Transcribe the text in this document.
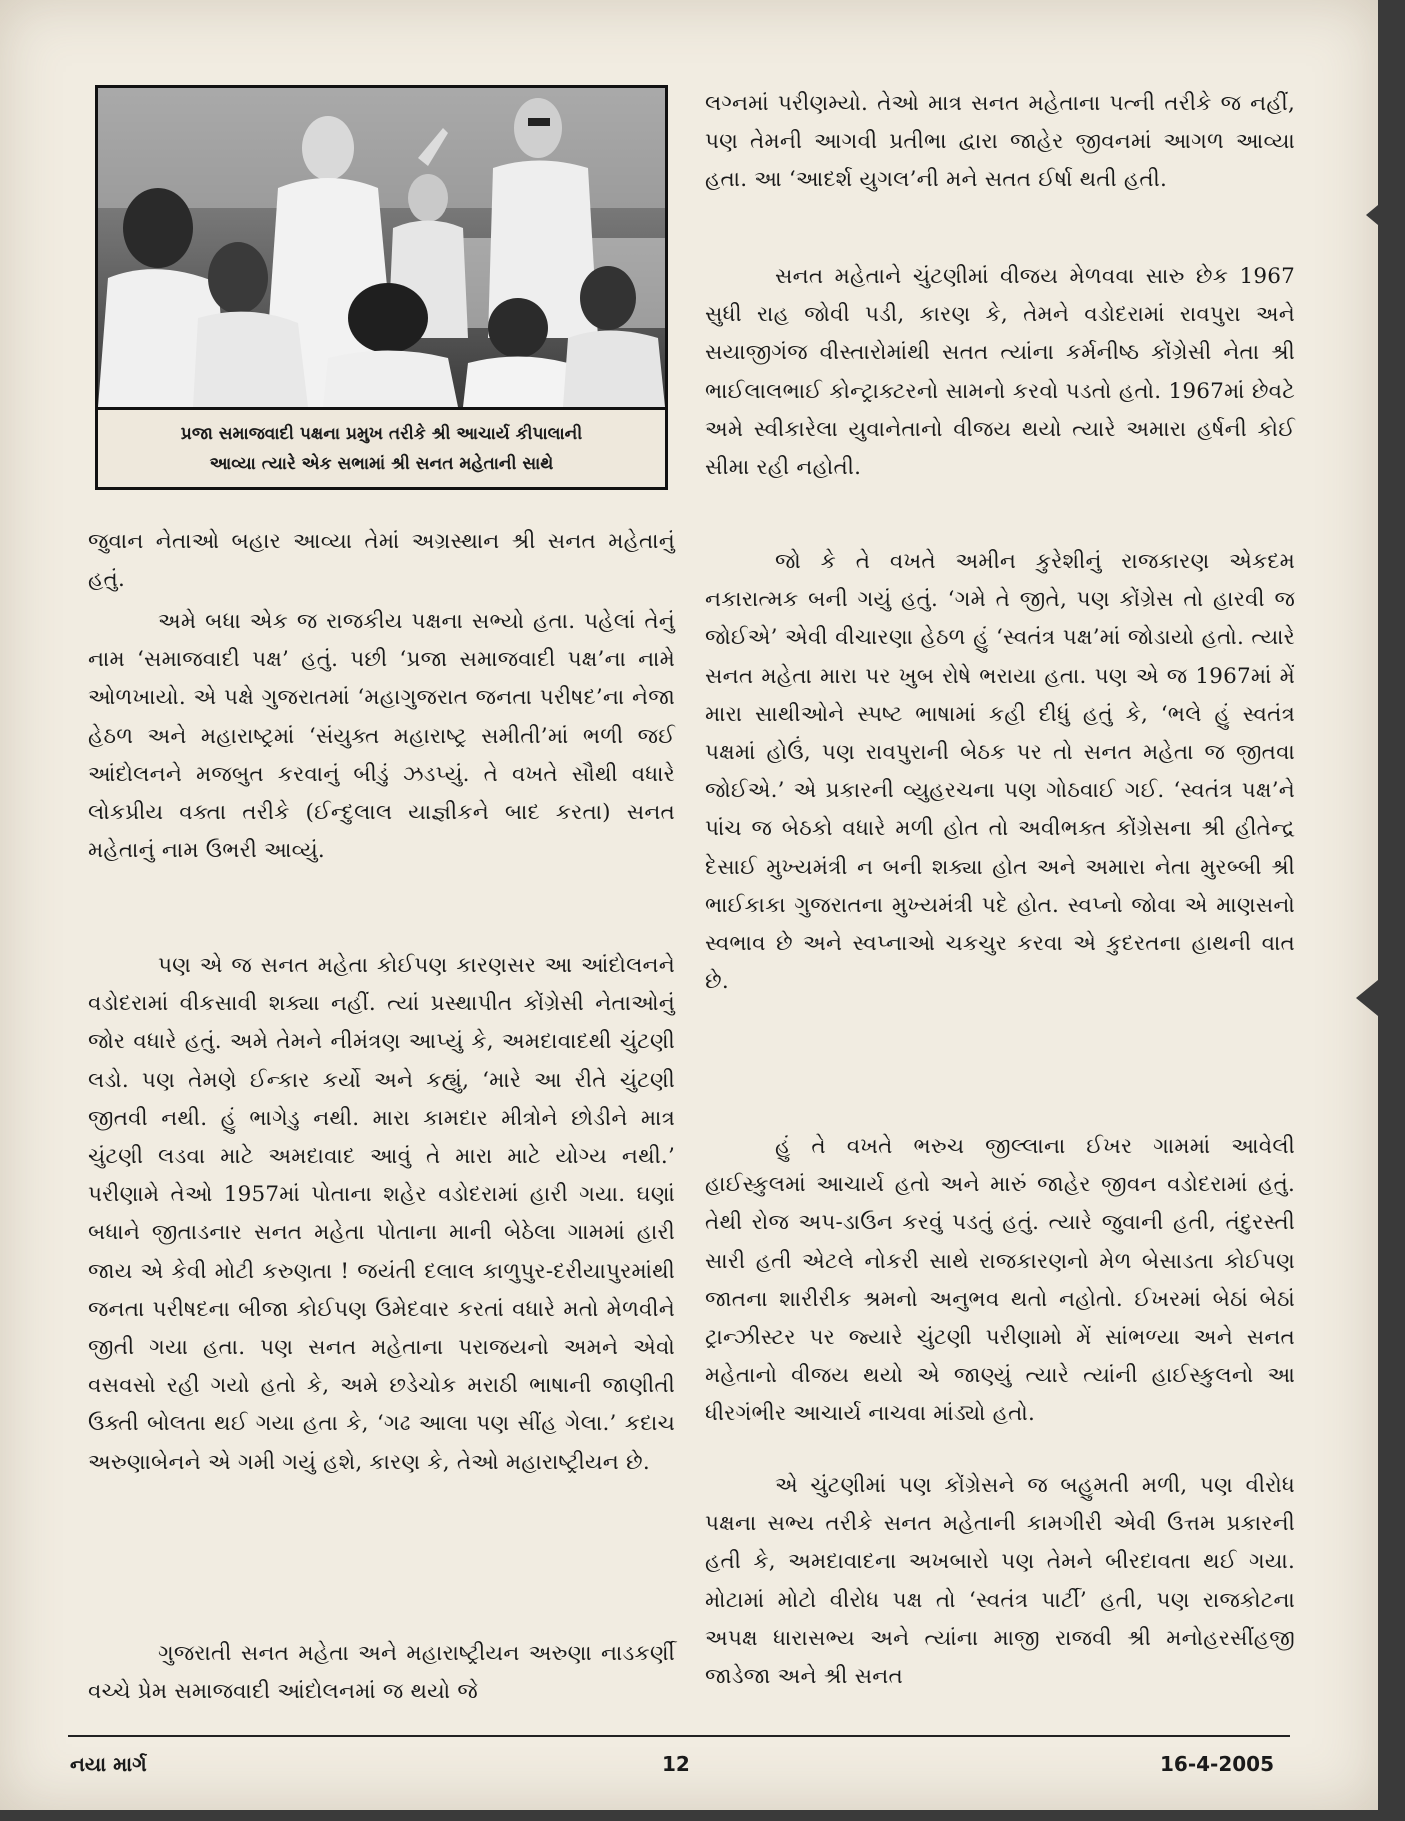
પ્રજા સમાજવાદી પક્ષના પ્રમુખ તરીકે શ્રી આચાર્ય કીપાલાની
આવ્યા ત્યારે એક સભામાં શ્રી સનત મહેતાની સાથે

જુવાન નેતાઓ બહાર આવ્યા તેમાં અગ્રસ્થાન શ્રી સનત મહેતાનું હતું.

અમે બધા એક જ રાજકીય પક્ષના સભ્યો હતા. પહેલાં તેનું નામ ‘સમાજવાદી પક્ષ’ હતું. પછી ‘પ્રજા સમાજવાદી પક્ષ’ના નામે ઓળખાયો. એ પક્ષે ગુજરાતમાં ‘મહાગુજરાત જનતા પરીષદ’ના નેજા હેઠળ અને મહારાષ્ટ્રમાં ‘સંયુક્ત મહારાષ્ટ્ર સમીતી’માં ભળી જઈ આંદોલનને મજબુત કરવાનું બીડું ઝડપ્યું. તે વખતે સૌથી વધારે લોકપ્રીય વક્તા તરીકે (ઈન્દુલાલ યાજ્ઞીકને બાદ કરતા) સનત મહેતાનું નામ ઉભરી આવ્યું.

પણ એ જ સનત મહેતા કોઈપણ કારણસર આ આંદોલનને વડોદરામાં વીકસાવી શક્યા નહીં. ત્યાં પ્રસ્થાપીત કોંગ્રેસી નેતાઓનું જોર વધારે હતું. અમે તેમને નીમંત્રણ આપ્યું કે, અમદાવાદથી ચુંટણી લડો. પણ તેમણે ઈન્કાર કર્યો અને કહ્યું, ‘મારે આ રીતે ચુંટણી જીતવી નથી. હું ભાગેડુ નથી. મારા કામદાર મીત્રોને છોડીને માત્ર ચુંટણી લડવા માટે અમદાવાદ આવું તે મારા માટે યોગ્ય નથી.’ પરીણામે તેઓ 1957માં પોતાના શહેર વડોદરામાં હારી ગયા. ઘણાં બધાને જીતાડનાર સનત મહેતા પોતાના માની બેઠેલા ગામમાં હારી જાય એ કેવી મોટી કરુણતા ! જયંતી દલાલ કાળુપુર-દરીયાપુરમાંથી જનતા પરીષદના બીજા કોઈપણ ઉમેદવાર કરતાં વધારે મતો મેળવીને જીતી ગયા હતા. પણ સનત મહેતાના પરાજયનો અમને એવો વસવસો રહી ગયો હતો કે, અમે છડેચોક મરાઠી ભાષાની જાણીતી ઉક્તી બોલતા થઈ ગયા હતા કે, ‘ગઢ આલા પણ સીંહ ગેલા.’ કદાચ અરુણાબેનને એ ગમી ગયું હશે, કારણ કે, તેઓ મહારાષ્ટ્રીયન છે.

ગુજરાતી સનત મહેતા અને મહારાષ્ટ્રીયન અરુણા નાડકર્ણી વચ્ચે પ્રેમ સમાજવાદી આંદોલનમાં જ થયો જે

લગ્નમાં પરીણમ્યો. તેઓ માત્ર સનત મહેતાના પત્ની તરીકે જ નહીં, પણ તેમની આગવી પ્રતીભા દ્વારા જાહેર જીવનમાં આગળ આવ્યા હતા. આ ‘આદર્શ યુગલ’ની મને સતત ઈર્ષા થતી હતી.

સનત મહેતાને ચુંટણીમાં વીજય મેળવવા સારુ છેક 1967 સુધી રાહ જોવી પડી, કારણ કે, તેમને વડોદરામાં રાવપુરા અને સયાજીગંજ વીસ્તારોમાંથી સતત ત્યાંના કર્મનીષ્ઠ કોંગ્રેસી નેતા શ્રી ભાઈલાલભાઈ કોન્ટ્રાક્ટરનો સામનો કરવો પડતો હતો. 1967માં છેવટે અમે સ્વીકારેલા યુવાનેતાનો વીજય થયો ત્યારે અમારા હર્ષની કોઈ સીમા રહી નહોતી.

જો કે તે વખતે અમીન કુરેશીનું રાજકારણ એકદમ નકારાત્મક બની ગયું હતું. ‘ગમે તે જીતે, પણ કોંગ્રેસ તો હારવી જ જોઈએ’ એવી વીચારણા હેઠળ હું ‘સ્વતંત્ર પક્ષ’માં જોડાયો હતો. ત્યારે સનત મહેતા મારા પર ખુબ રોષે ભરાયા હતા. પણ એ જ 1967માં મેં મારા સાથીઓને સ્પષ્ટ ભાષામાં કહી દીધું હતું કે, ‘ભલે હું સ્વતંત્ર પક્ષમાં હોઉં, પણ રાવપુરાની બેઠક પર તો સનત મહેતા જ જીતવા જોઈએ.’ એ પ્રકારની વ્યુહરચના પણ ગોઠવાઈ ગઈ. ‘સ્વતંત્ર પક્ષ’ને પાંચ જ બેઠકો વધારે મળી હોત તો અવીભક્ત કોંગ્રેસના શ્રી હીતેન્દ્ર દેસાઈ મુખ્યમંત્રી ન બની શક્યા હોત અને અમારા નેતા મુરબ્બી શ્રી ભાઈકાકા ગુજરાતના મુખ્યમંત્રી પદે હોત. સ્વપ્નો જોવા એ માણસનો સ્વભાવ છે અને સ્વપ્નાઓ ચકચુર કરવા એ કુદરતના હાથની વાત છે.

હું તે વખતે ભરુચ જીલ્લાના ઈખર ગામમાં આવેલી હાઈસ્કુલમાં આચાર્ય હતો અને મારું જાહેર જીવન વડોદરામાં હતું. તેથી રોજ અપ-ડાઉન કરવું પડતું હતું. ત્યારે જુવાની હતી, તંદુરસ્તી સારી હતી એટલે નોકરી સાથે રાજકારણનો મેળ બેસાડતા કોઈપણ જાતના શારીરીક શ્રમનો અનુભવ થતો નહોતો. ઈખરમાં બેઠાં બેઠાં ટ્રાન્ઝીસ્ટર પર જ્યારે ચુંટણી પરીણામો મેં સાંભળ્યા અને સનત મહેતાનો વીજય થયો એ જાણ્યું ત્યારે ત્યાંની હાઈસ્કુલનો આ ધીરગંભીર આચાર્ય નાચવા માંડ્યો હતો.

એ ચુંટણીમાં પણ કોંગ્રેસને જ બહુમતી મળી, પણ વીરોધ પક્ષના સભ્ય તરીકે સનત મહેતાની કામગીરી એવી ઉત્તમ પ્રકારની હતી કે, અમદાવાદના અખબારો પણ તેમને બીરદાવતા થઈ ગયા. મોટામાં મોટો વીરોધ પક્ષ તો ‘સ્વતંત્ર પાર્ટી’ હતી, પણ રાજકોટના અપક્ષ ધારાસભ્ય અને ત્યાંના માજી રાજવી શ્રી મનોહરસીંહજી જાડેજા અને શ્રી સનત

નયા માર્ગ	12	16-4-2005
